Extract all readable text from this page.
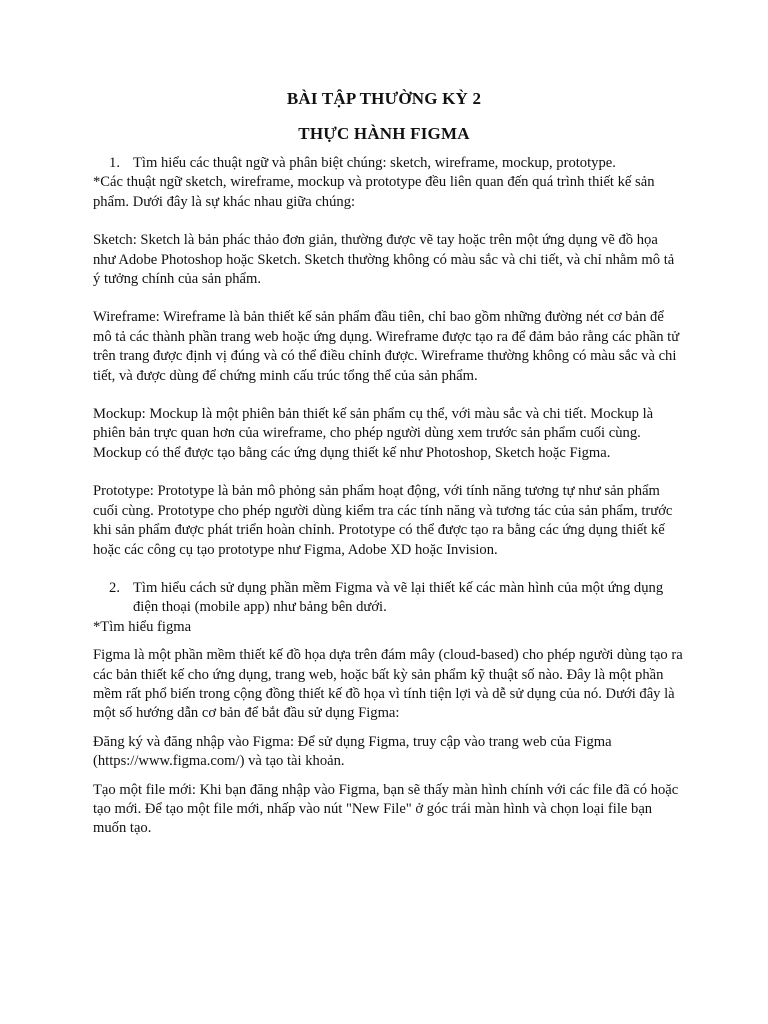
BÀI TẬP THƯỜNG KỲ 2
THỰC HÀNH FIGMA
1. Tìm hiểu các thuật ngữ và phân biệt chúng: sketch, wireframe, mockup, prototype.

*Các thuật ngữ sketch, wireframe, mockup và prototype đều liên quan đến quá trình thiết kế sản phẩm. Dưới đây là sự khác nhau giữa chúng:

Sketch: Sketch là bản phác thảo đơn giản, thường được vẽ tay hoặc trên một ứng dụng vẽ đồ họa như Adobe Photoshop hoặc Sketch. Sketch thường không có màu sắc và chi tiết, và chỉ nhằm mô tả ý tưởng chính của sản phẩm.

Wireframe: Wireframe là bản thiết kế sản phẩm đầu tiên, chỉ bao gồm những đường nét cơ bản để mô tả các thành phần trang web hoặc ứng dụng. Wireframe được tạo ra để đảm bảo rằng các phần tử trên trang được định vị đúng và có thể điều chỉnh được. Wireframe thường không có màu sắc và chi tiết, và được dùng để chứng minh cấu trúc tổng thể của sản phẩm.

Mockup: Mockup là một phiên bản thiết kế sản phẩm cụ thể, với màu sắc và chi tiết. Mockup là phiên bản trực quan hơn của wireframe, cho phép người dùng xem trước sản phẩm cuối cùng. Mockup có thể được tạo bằng các ứng dụng thiết kế như Photoshop, Sketch hoặc Figma.

Prototype: Prototype là bản mô phỏng sản phẩm hoạt động, với tính năng tương tự như sản phẩm cuối cùng. Prototype cho phép người dùng kiểm tra các tính năng và tương tác của sản phẩm, trước khi sản phẩm được phát triển hoàn chỉnh. Prototype có thể được tạo ra bằng các ứng dụng thiết kế hoặc các công cụ tạo prototype như Figma, Adobe XD hoặc Invision.

2. Tìm hiểu cách sử dụng phần mềm Figma và vẽ lại thiết kế các màn hình của một ứng dụng điện thoại (mobile app) như bảng bên dưới.

*Tìm hiểu figma

Figma là một phần mềm thiết kế đồ họa dựa trên đám mây (cloud-based) cho phép người dùng tạo ra các bản thiết kế cho ứng dụng, trang web, hoặc bất kỳ sản phẩm kỹ thuật số nào. Đây là một phần mềm rất phổ biến trong cộng đồng thiết kế đồ họa vì tính tiện lợi và dễ sử dụng của nó. Dưới đây là một số hướng dẫn cơ bản để bắt đầu sử dụng Figma:

Đăng ký và đăng nhập vào Figma: Để sử dụng Figma, truy cập vào trang web của Figma (https://www.figma.com/) và tạo tài khoản.

Tạo một file mới: Khi bạn đăng nhập vào Figma, bạn sẽ thấy màn hình chính với các file đã có hoặc tạo mới. Để tạo một file mới, nhấp vào nút "New File" ở góc trái màn hình và chọn loại file bạn muốn tạo.
